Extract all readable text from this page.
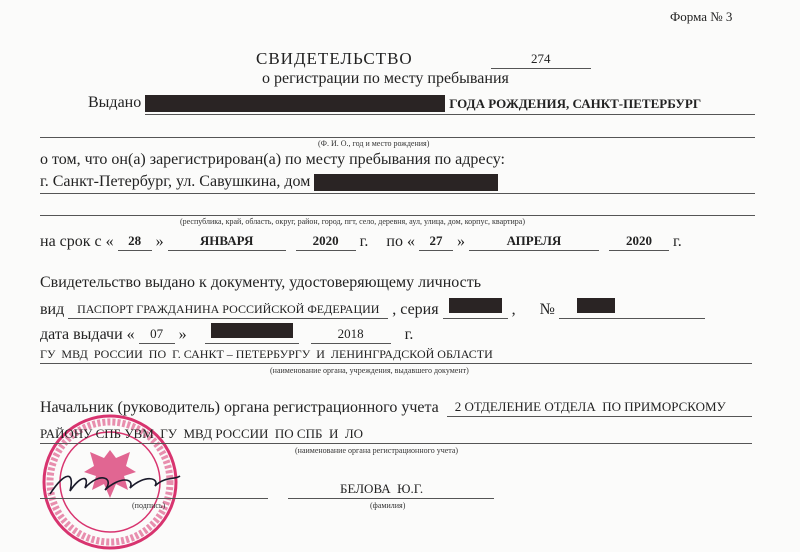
Форма № 3
СВИДЕТЕЛЬСТВО	274
о регистрации по месту пребывания
Выдано	ГОДА РОЖДЕНИЯ, САНКТ-ПЕТЕРБУРГ
(Ф. И. О., год и место рождения)
о том, что он(а) зарегистрирован(а) по месту пребывания по адресу:
г. Санкт-Петербург, ул. Савушкина, дом
(республика, край, область, округ, район, город, пгт, село, деревня, аул, улица, дом, корпус, квартира)
на срок с «	28 »	ЯНВАРЯ	2020	г. по «	27 »	АПРЕЛЯ	2020	г.
Свидетельство выдано к документу, удостоверяющему личность
вид	ПАСПОРТ ГРАЖДАНИНА РОССИЙСКОЙ ФЕДЕРАЦИИ , серия	, №
дата выдачи «	07 »	2018	г.
ГУ  МВД  РОССИИ  ПО  Г. САНКТ – ПЕТЕРБУРГУ  И  ЛЕНИНГРАДСКОЙ ОБЛАСТИ
(наименование органа, учреждения, выдавшего документ)
Начальник (руководитель) органа регистрационного учета	2 ОТДЕЛЕНИЕ ОТДЕЛА  ПО ПРИМОРСКОМУ
РАЙОНУ СПБ УВМ  ГУ  МВД РОССИИ  ПО СПБ  И  ЛО
(наименование органа регистрационного учета)
(подпись)
БЕЛОВА  Ю.Г.
(фамилия)
